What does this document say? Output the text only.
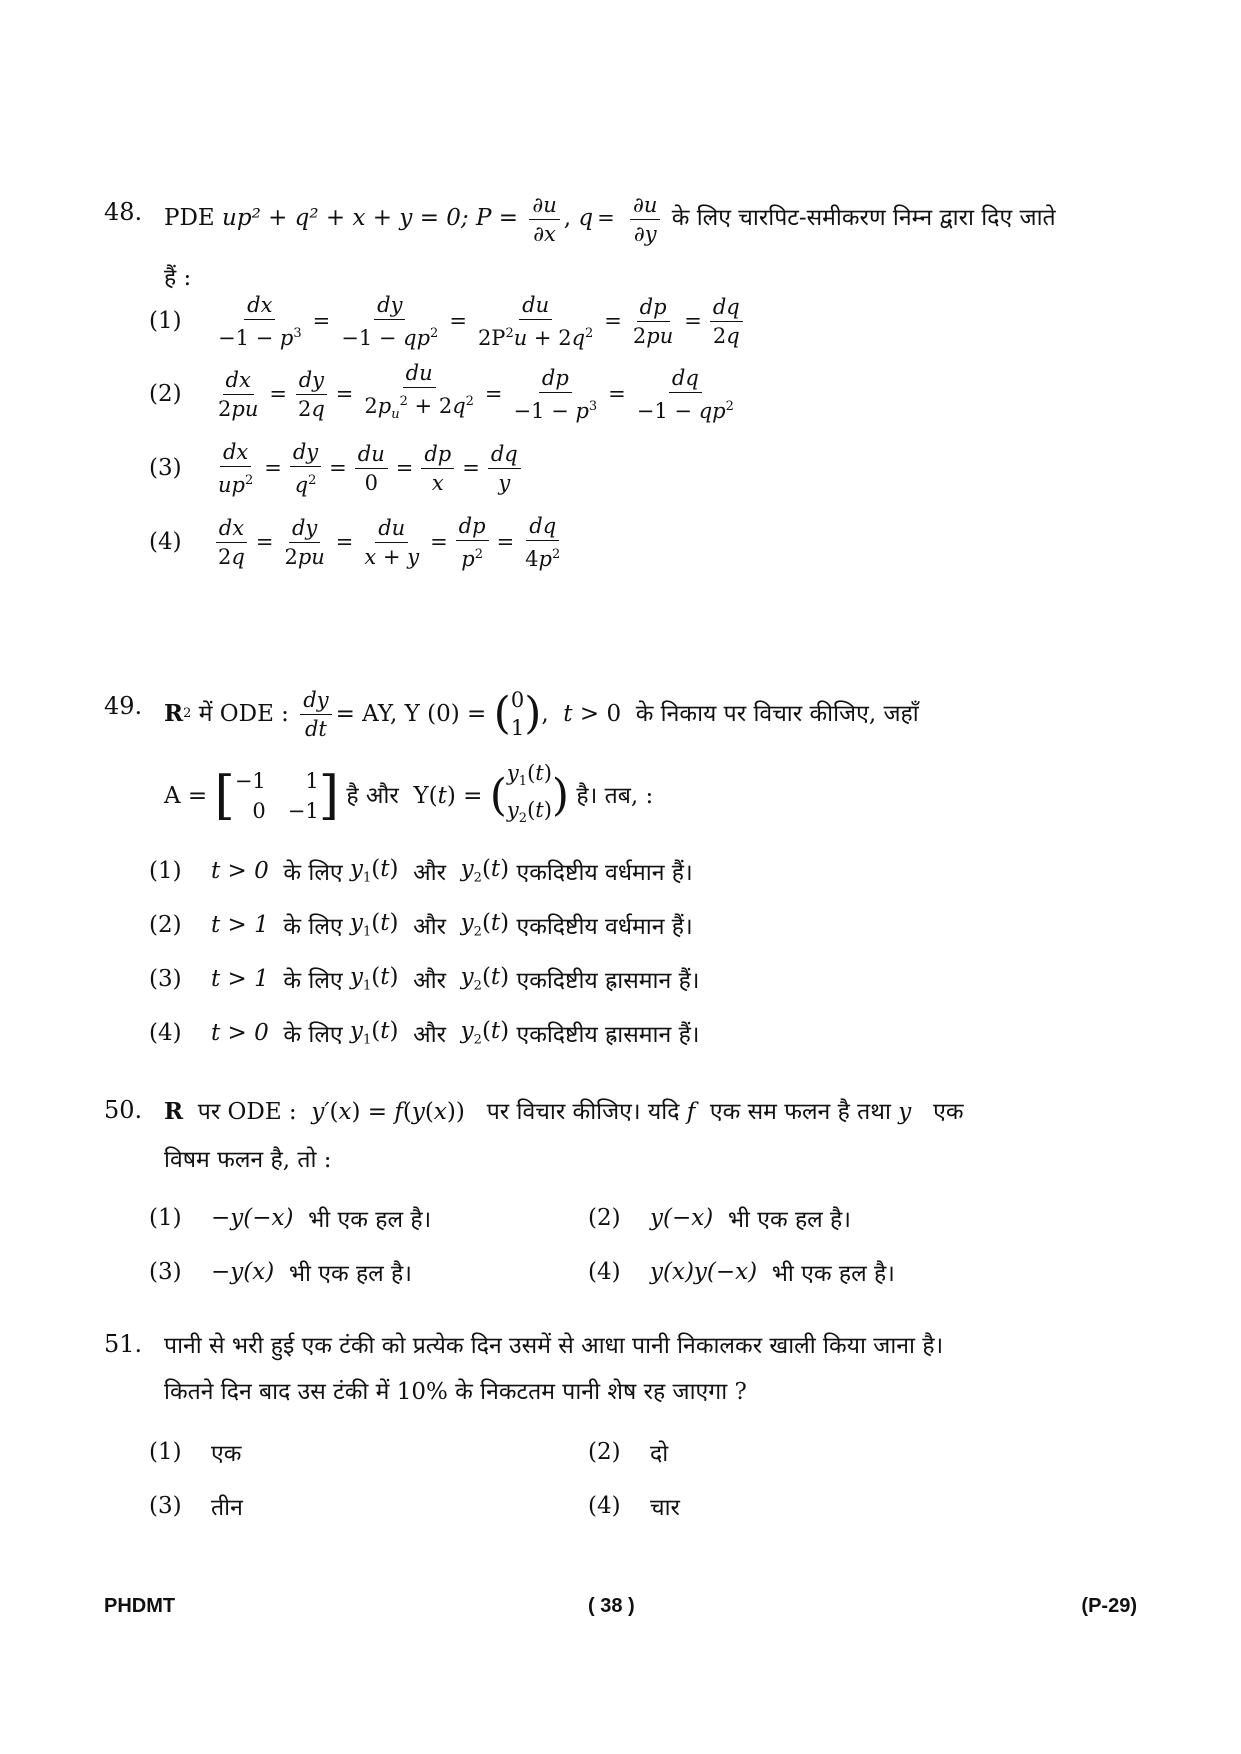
48. PDE up² + q² + x + y = 0; $P = \frac{\partial u}{\partial x}$ , $q = \frac{\partial u}{\partial y}$ के लिए चारपिट-समीकरण निम्न द्वारा दिए जाते
हैं :
(1)	$\frac{dx}{-1 - p^3} = \frac{dy}{-1 - qp^2} = \frac{du}{2P^2u + 2q^2} = \frac{dp}{2pu} = \frac{dq}{2q}$
(2)	$\frac{dx}{2pu} = \frac{dy}{2q} = \frac{du}{2p_u^2 + 2q^2} = \frac{dp}{-1 - p^3} = \frac{dq}{-1 - qp^2}$
(3)	$\frac{dx}{up^2} = \frac{dy}{q^2} = \frac{du}{0} = \frac{dp}{x} = \frac{dq}{y}$
(4)	$\frac{dx}{2q} = \frac{dy}{2pu} = \frac{du}{x + y} = \frac{dp}{p^2} = \frac{dq}{4p^2}$
49. R 2
में ODE :
$\frac{dy}{dt}$ = AY, Y (0) =
( 0
1 ) , t > 0 के निकाय पर विचार कीजिए, जहाँ
A = [ −1	1
0 −1 ]
है और Y( t ) = ( $y_1(t)$
$y_2(t)$ )
है। तब, :
(1)	t > 0
के लिए
$y_1(t)$
और
$y_2(t)$
एकदिष्टीय वर्धमान हैं।
(2)	t > 1
के लिए
$y_1(t)$
और
$y_2(t)$
एकदिष्टीय वर्धमान हैं।
(3)	t > 1
के लिए
$y_1(t)$
और
$y_2(t)$
एकदिष्टीय ह्रासमान हैं।
(4)	t > 0
के लिए
$y_1(t)$
और
$y_2(t)$
एकदिष्टीय ह्रासमान हैं।
50. R पर ODE : y′(x) = f(y(x))   पर विचार कीजिए। यदि f एक सम फलन है तथा y एक
विषम फलन है, तो :
(1)	−y(−x)
भी एक हल है।	(2)	y(−x)
भी एक हल है।
(3)	−y(x)
भी एक हल है।	(4)	y(x)y(−x)
भी एक हल है।
51. पानी से भरी हुई एक टंकी को प्रत्येक दिन उसमें से आधा पानी निकालकर खाली किया जाना है।
कितने दिन बाद उस टंकी में 10% के निकटतम पानी शेष रह जाएगा ?
(1)	एक	(2)	दो
(3)	तीन	(4)	चार
PHDMT	( 38 )	(P-29)
